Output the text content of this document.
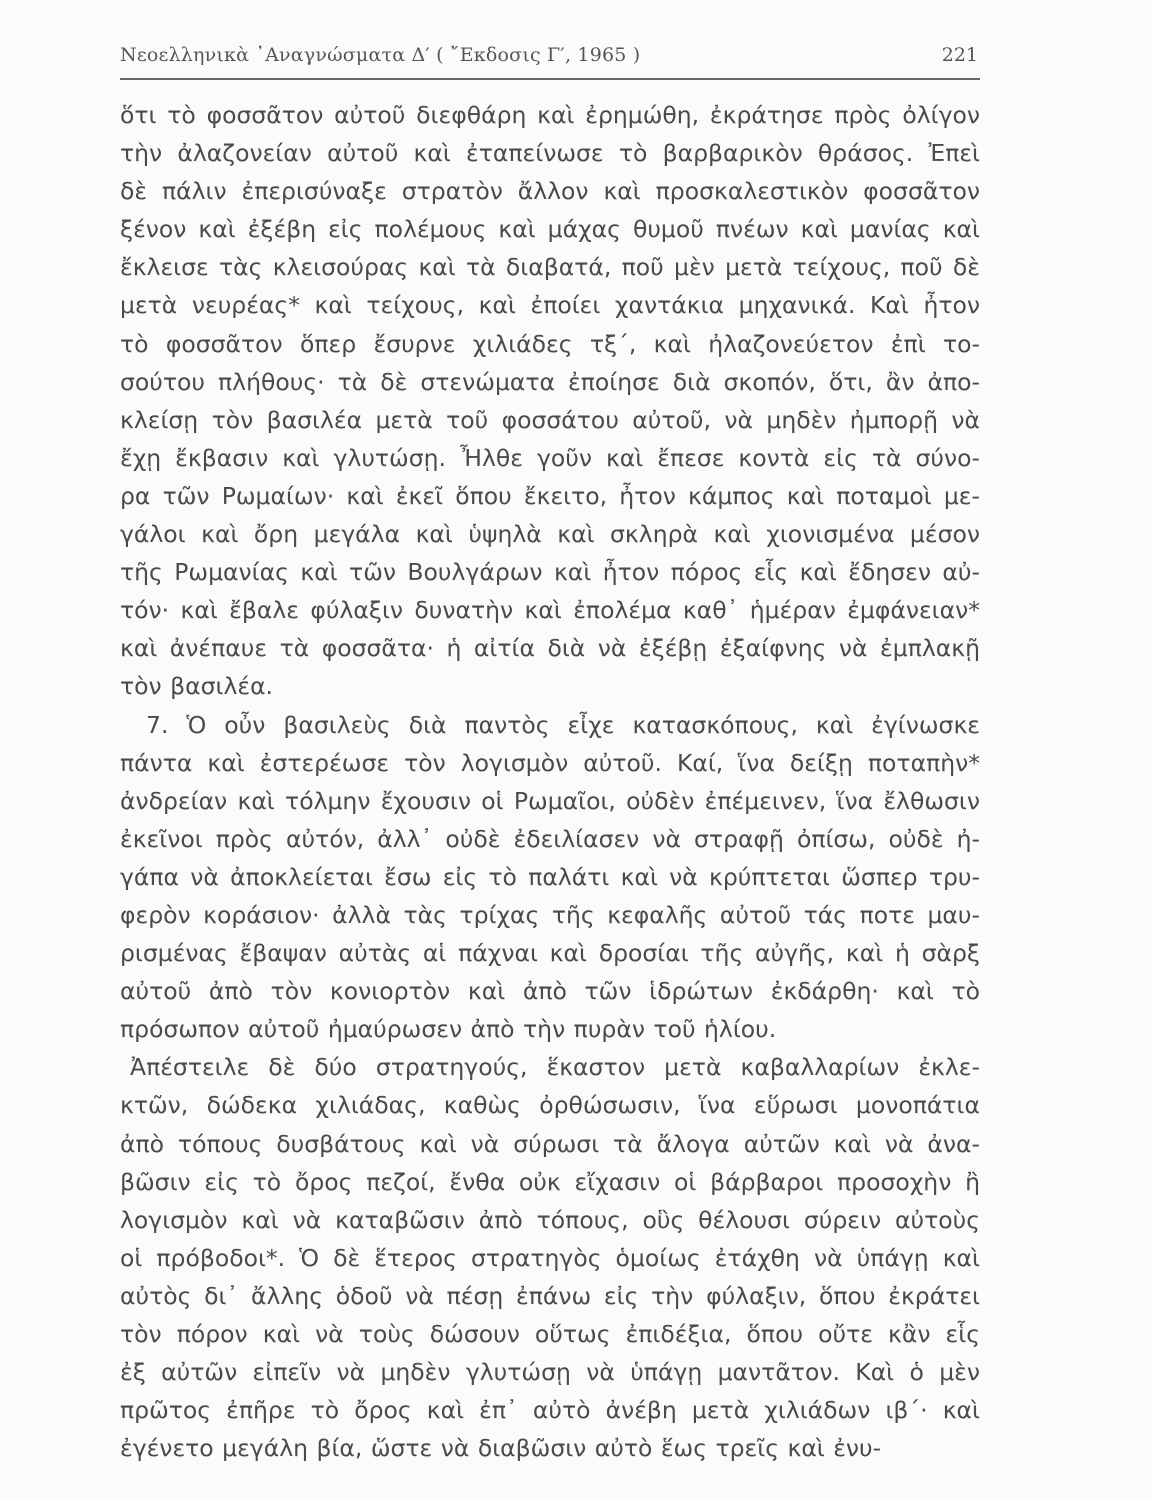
Νεοελληνικὰ ᾿Αναγνώσματα Δ′ ( ῎Εκδοσις Γ′, 1965 )	221
ὅτι τὸ φοσσᾶτον αὐτοῦ διεφθάρη καὶ ἐρημώθη, ἐκράτησε πρὸς ὀλίγον
τὴν ἀλαζονείαν αὐτοῦ καὶ ἐταπείνωσε τὸ βαρβαρικὸν θράσος. Ἐπεὶ
δὲ πάλιν ἐπερισύναξε στρατὸν ἄλλον καὶ προσκαλεστικὸν φοσσᾶτον
ξένον καὶ ἐξέβη εἰς πολέμους καὶ μάχας θυμοῦ πνέων καὶ μανίας καὶ
ἔκλεισε τὰς κλεισούρας καὶ τὰ διαβατά, ποῦ μὲν μετὰ τείχους, ποῦ δὲ
μετὰ νευρέας* καὶ τείχους, καὶ ἐποίει χαντάκια μηχανικά. Καὶ ἦτον
τὸ φοσσᾶτον ὅπερ ἔσυρνε χιλιάδες τξ΄, καὶ ἠλαζονεύετον ἐπὶ το-
σούτου πλήθους· τὰ δὲ στενώματα ἐποίησε διὰ σκοπόν, ὅτι, ἂν ἀπο-
κλείσῃ τὸν βασιλέα μετὰ τοῦ φοσσάτου αὐτοῦ, νὰ μηδὲν ἠμπορῇ νὰ
ἔχῃ ἔκβασιν καὶ γλυτώσῃ. Ἦλθε γοῦν καὶ ἔπεσε κοντὰ εἰς τὰ σύνο-
ρα τῶν Ρωμαίων· καὶ ἐκεῖ ὅπου ἔκειτο, ἦτον κάμπος καὶ ποταμοὶ με-
γάλοι καὶ ὄρη μεγάλα καὶ ὑψηλὰ καὶ σκληρὰ καὶ χιονισμένα μέσον
τῆς Ρωμανίας καὶ τῶν Βουλγάρων καὶ ἦτον πόρος εἷς καὶ ἔδησεν αὐ-
τόν· καὶ ἔβαλε φύλαξιν δυνατὴν καὶ ἐπολέμα καθ᾽ ἡμέραν ἐμφάνειαν*
καὶ ἀνέπαυε τὰ φοσσᾶτα· ἡ αἰτία διὰ νὰ ἐξέβῃ ἐξαίφνης νὰ ἐμπλακῇ
τὸν βασιλέα.
7. Ὁ οὖν βασιλεὺς διὰ παντὸς εἶχε κατασκόπους, καὶ ἐγίνωσκε
πάντα καὶ ἐστερέωσε τὸν λογισμὸν αὐτοῦ. Καί, ἵνα δείξῃ ποταπὴν*
ἀνδρείαν καὶ τόλμην ἔχουσιν οἱ Ρωμαῖοι, οὐδὲν ἐπέμεινεν, ἵνα ἔλθωσιν
ἐκεῖνοι πρὸς αὐτόν, ἀλλ᾽ οὐδὲ ἐδειλίασεν νὰ στραφῇ ὀπίσω, οὐδὲ ἠ-
γάπα νὰ ἀποκλείεται ἔσω εἰς τὸ παλάτι καὶ νὰ κρύπτεται ὥσπερ τρυ-
φερὸν κοράσιον· ἀλλὰ τὰς τρίχας τῆς κεφαλῆς αὐτοῦ τάς ποτε μαυ-
ρισμένας ἔβαψαν αὐτὰς αἱ πάχναι καὶ δροσίαι τῆς αὐγῆς, καὶ ἡ σὰρξ
αὐτοῦ ἀπὸ τὸν κονιορτὸν καὶ ἀπὸ τῶν ἱδρώτων ἐκδάρθη· καὶ τὸ
πρόσωπον αὐτοῦ ἠμαύρωσεν ἀπὸ τὴν πυρὰν τοῦ ἡλίου.
Ἀπέστειλε δὲ δύο στρατηγούς, ἕκαστον μετὰ καβαλλαρίων ἐκλε-
κτῶν, δώδεκα χιλιάδας, καθὼς ὀρθώσωσιν, ἵνα εὕρωσι μονοπάτια
ἀπὸ τόπους δυσβάτους καὶ νὰ σύρωσι τὰ ἄλογα αὐτῶν καὶ νὰ ἀνα-
βῶσιν εἰς τὸ ὄρος πεζοί, ἔνθα οὐκ εἴχασιν οἱ βάρβαροι προσοχὴν ἢ
λογισμὸν καὶ νὰ καταβῶσιν ἀπὸ τόπους, οὓς θέλουσι σύρειν αὐτοὺς
οἱ πρόβοδοι*. Ὁ δὲ ἕτερος στρατηγὸς ὁμοίως ἐτάχθη νὰ ὑπάγῃ καὶ
αὐτὸς δι᾽ ἄλλης ὁδοῦ νὰ πέσῃ ἐπάνω εἰς τὴν φύλαξιν, ὅπου ἐκράτει
τὸν πόρον καὶ νὰ τοὺς δώσουν οὕτως ἐπιδέξια, ὅπου οὔτε κἂν εἷς
ἐξ αὐτῶν εἰπεῖν νὰ μηδὲν γλυτώσῃ νὰ ὑπάγῃ μαντᾶτον. Καὶ ὁ μὲν
πρῶτος ἐπῆρε τὸ ὄρος καὶ ἐπ᾽ αὐτὸ ἀνέβη μετὰ χιλιάδων ιβ΄· καὶ
ἐγένετο μεγάλη βία, ὥστε νὰ διαβῶσιν αὐτὸ ἕως τρεῖς καὶ ἐνυ-
